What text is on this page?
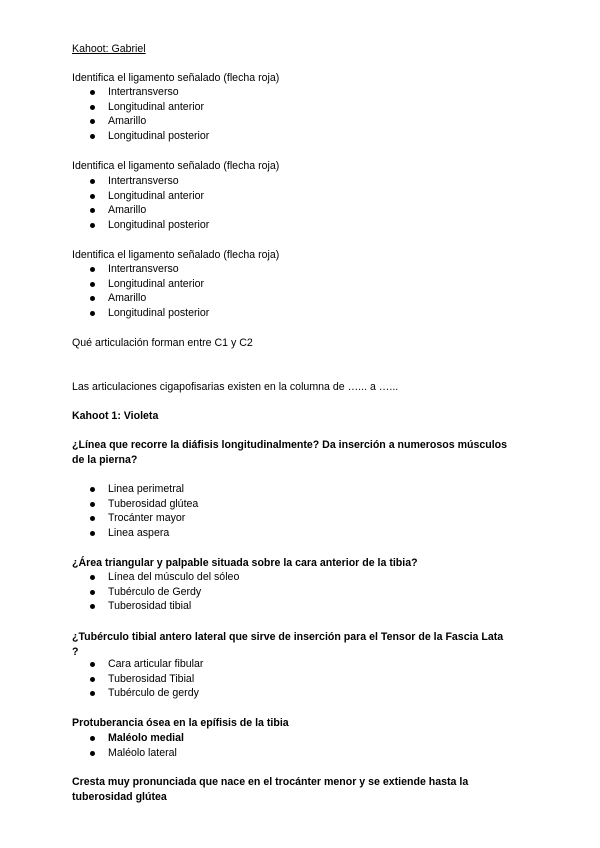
Kahoot: Gabriel
Identifica el ligamento señalado (flecha roja)
Intertransverso
Longitudinal anterior
Amarillo
Longitudinal posterior
Identifica el ligamento señalado (flecha roja)
Intertransverso
Longitudinal anterior
Amarillo
Longitudinal posterior
Identifica el ligamento señalado (flecha roja)
Intertransverso
Longitudinal anterior
Amarillo
Longitudinal posterior
Qué articulación forman entre C1 y C2
Las articulaciones cigapofisarias existen en la columna de …... a …...
Kahoot 1: Violeta
¿Línea que recorre la diáfisis longitudinalmente? Da inserción a numerosos músculos de la pierna?
Linea perimetral
Tuberosidad glútea
Trocánter mayor
Linea aspera
¿Área triangular y palpable situada sobre la cara anterior de la tibia?
Línea del músculo del sóleo
Tubérculo de Gerdy
Tuberosidad tibial
¿Tubérculo tibial antero lateral que sirve de inserción para el Tensor de la Fascia Lata ?
Cara articular fibular
Tuberosidad Tibial
Tubérculo de gerdy
Protuberancia ósea en la epífisis de la tibia
Maléolo medial
Maléolo lateral
Cresta muy pronunciada que nace en el trocánter menor y se extiende hasta la tuberosidad glútea
